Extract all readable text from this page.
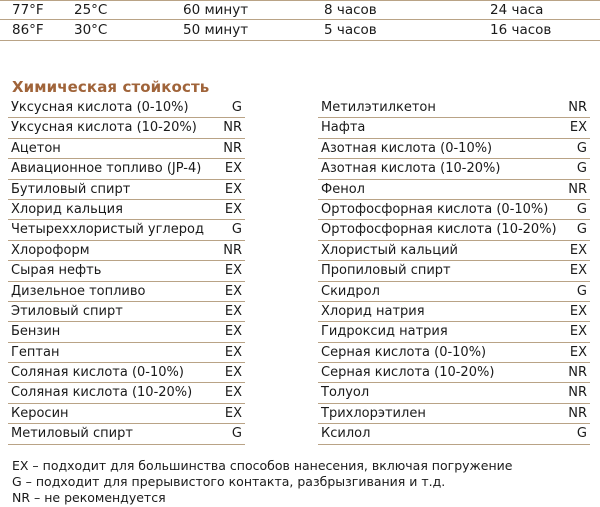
77°F 25°C	60 минут	8 часов	24 часа
86°F 30°C	50 минут	5 часов	16 часов
Химическая стойкость
Уксусная кислота (0-10%)	G
Уксусная кислота (10-20%) NR
Ацетон	NR
Авиационное топливо (JP-4) EX
Бутиловый спирт	EX
Хлорид кальция	EX
Четыреххлористый углерод G
Хлороформ	NR
Сырая нефть	EX
Дизельное топливо	EX
Этиловый спирт	EX
Бензин	EX
Гептан	EX
Соляная кислота (0-10%)	EX
Соляная кислота (10-20%)	EX
Керосин	EX
Метиловый спирт	G
Метилэтилкетон	NR
Нафта	EX
Азотная кислота (0-10%)	G
Азотная кислота (10-20%)	G
Фенол	NR
Ортофосфорная кислота (0-10%) G
Ортофосфорная кислота (10-20%) G
Хлористый кальций	EX
Пропиловый спирт	EX
Скидрол	G
Хлорид натрия	EX
Гидроксид натрия	EX
Серная кислота (0-10%)	EX
Серная кислота (10-20%)	NR
Толуол	NR
Трихлорэтилен	NR
Ксилол	G
EX – подходит для большинства способов нанесения, включая погружение
G – подходит для прерывистого контакта, разбрызгивания и т.д.
NR – не рекомендуется
